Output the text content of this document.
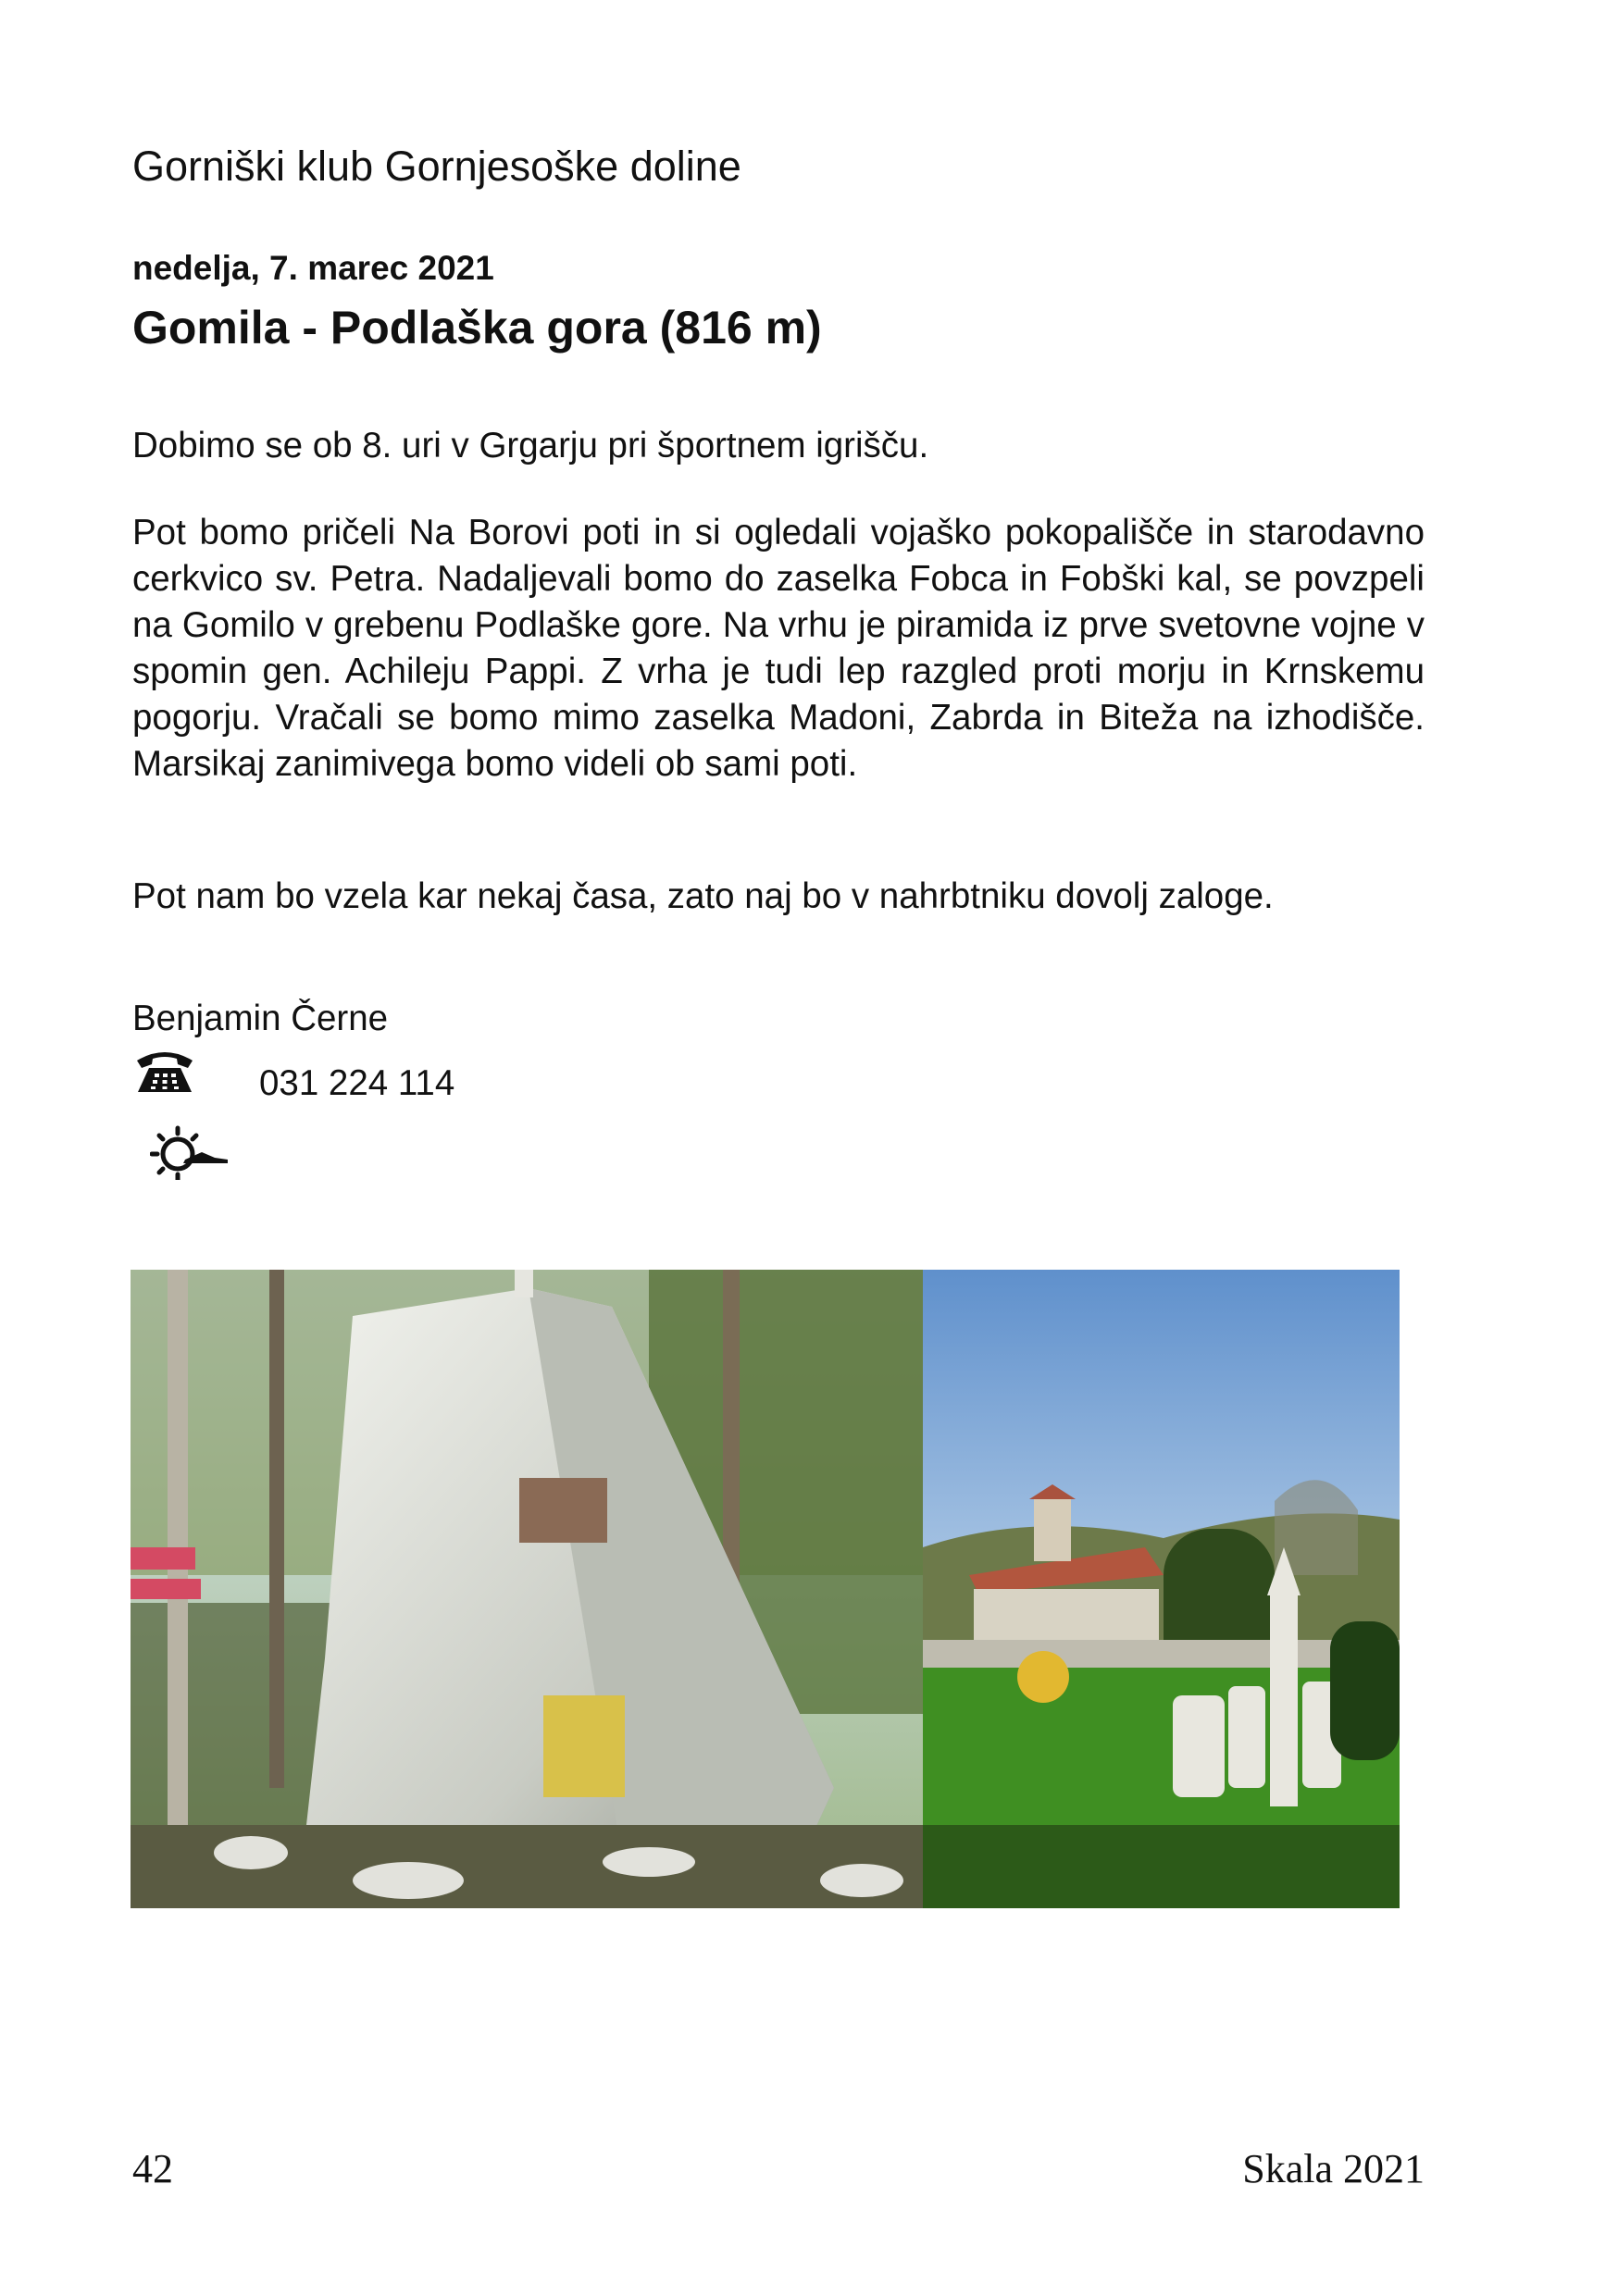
Gorniški klub Gornjesoške doline
nedelja, 7. marec 2021
Gomila - Podlaška gora (816 m)
Dobimo se ob 8. uri v Grgarju pri športnem igrišču.
Pot bomo pričeli Na Borovi poti in si ogledali vojaško pokopališče in starodavno cerkvico sv. Petra. Nadaljevali bomo do zaselka Fobca in Fobški kal, se povzpeli na Gomilo v grebenu Podlaške gore. Na vrhu je piramida iz prve svetovne vojne v spomin gen. Achileju Pappi. Z vrha je tudi lep razgled proti morju in Krnskemu pogorju. Vračali se bomo mimo zaselka Madoni, Zabrda in Biteža na izhodišče. Marsikaj zanimivega bomo videli ob sami poti.
Pot nam bo vzela kar nekaj časa, zato naj bo v nahrbtniku dovolj zaloge.
Benjamin Černe
031 224 114
42	Skala 2021
